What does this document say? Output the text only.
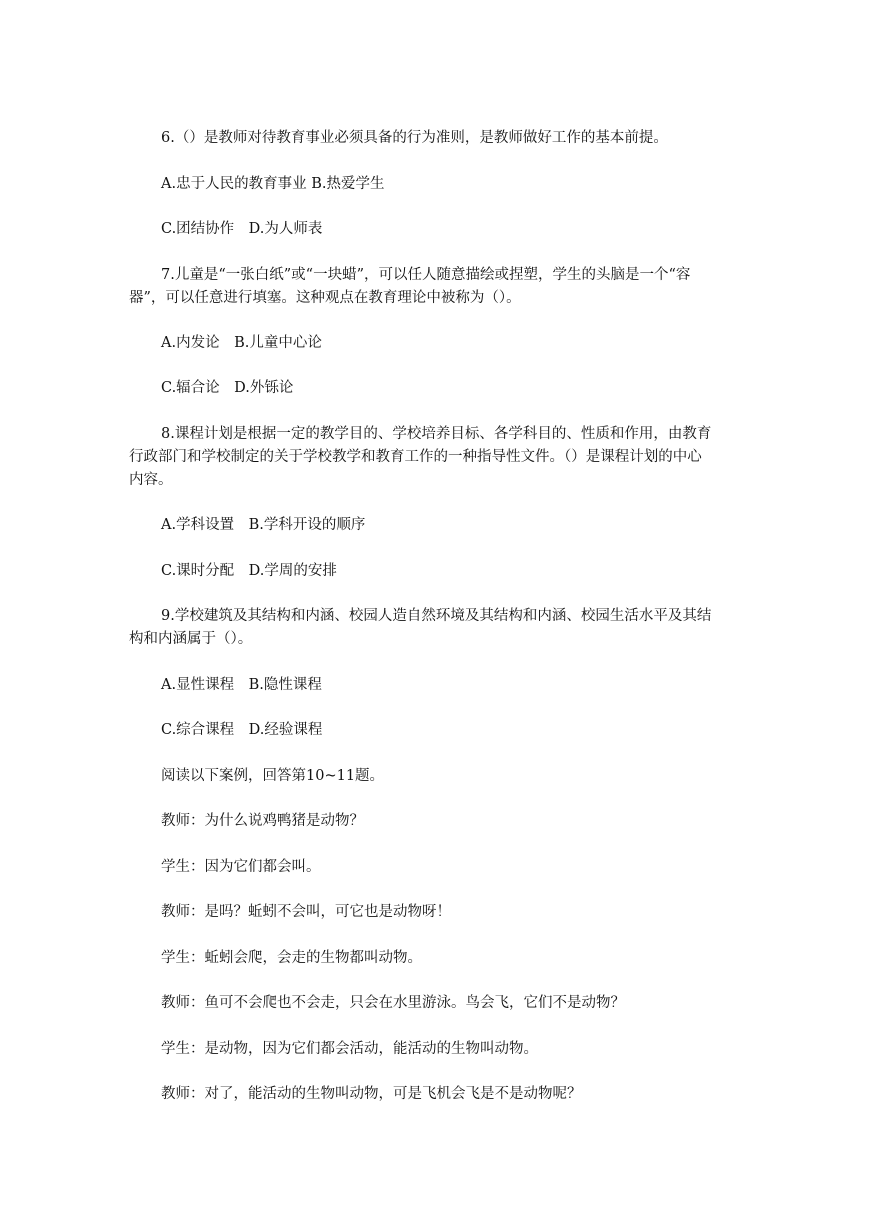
6.（）是教师对待教育事业必须具备的行为准则，是教师做好工作的基本前提。

A.忠于人民的教育事业 B.热爱学生

C.团结协作　D.为人师表

7.儿童是“一张白纸”或“一块蜡”，可以任人随意描绘或捏塑，学生的头脑是一个“容
器”，可以任意进行填塞。这种观点在教育理论中被称为（）。

A.内发论　B.儿童中心论

C.辐合论　D.外铄论

8.课程计划是根据一定的教学目的、学校培养目标、各学科目的、性质和作用，由教育
行政部门和学校制定的关于学校教学和教育工作的一种指导性文件。（）是课程计划的中心
内容。

A.学科设置　B.学科开设的顺序

C.课时分配　D.学周的安排

9.学校建筑及其结构和内涵、校园人造自然环境及其结构和内涵、校园生活水平及其结
构和内涵属于（）。

A.显性课程　B.隐性课程

C.综合课程　D.经验课程

阅读以下案例，回答第10~11题。

教师：为什么说鸡鸭猪是动物？

学生：因为它们都会叫。

教师：是吗？蚯蚓不会叫，可它也是动物呀！

学生：蚯蚓会爬，会走的生物都叫动物。

教师：鱼可不会爬也不会走，只会在水里游泳。鸟会飞，它们不是动物？

学生：是动物，因为它们都会活动，能活动的生物叫动物。

教师：对了，能活动的生物叫动物，可是飞机会飞是不是动物呢？
